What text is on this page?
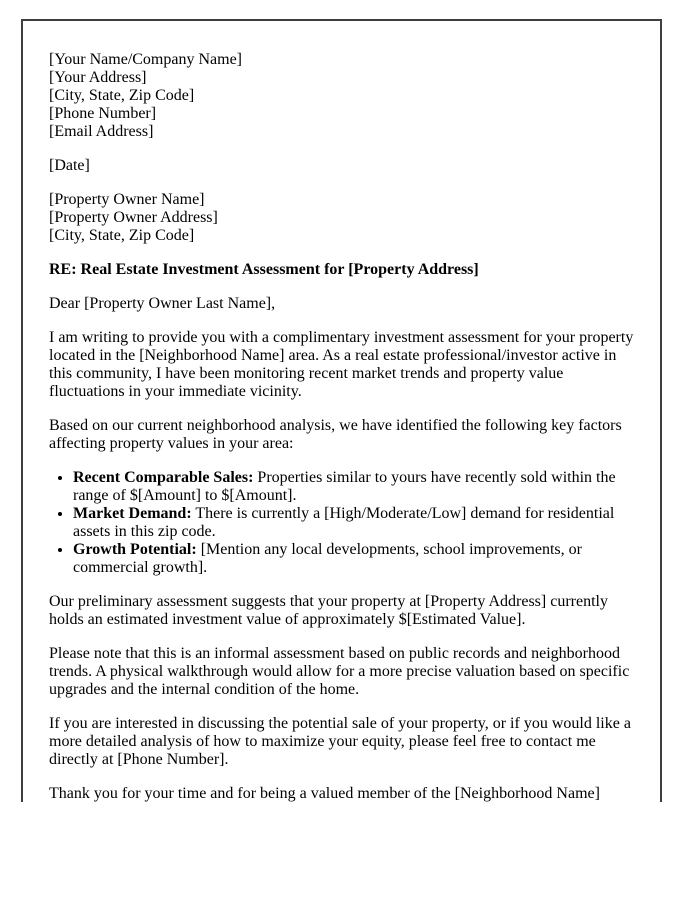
[Your Name/Company Name]
[Your Address]
[City, State, Zip Code]
[Phone Number]
[Email Address]

[Date]

[Property Owner Name]
[Property Owner Address]
[City, State, Zip Code]

RE: Real Estate Investment Assessment for [Property Address]

Dear [Property Owner Last Name],

I am writing to provide you with a complimentary investment assessment for your property located in the [Neighborhood Name] area. As a real estate professional/investor active in this community, I have been monitoring recent market trends and property value fluctuations in your immediate vicinity.

Based on our current neighborhood analysis, we have identified the following key factors affecting property values in your area:

• Recent Comparable Sales: Properties similar to yours have recently sold within the range of $[Amount] to $[Amount].
• Market Demand: There is currently a [High/Moderate/Low] demand for residential assets in this zip code.
• Growth Potential: [Mention any local developments, school improvements, or commercial growth].

Our preliminary assessment suggests that your property at [Property Address] currently holds an estimated investment value of approximately $[Estimated Value].

Please note that this is an informal assessment based on public records and neighborhood trends. A physical walkthrough would allow for a more precise valuation based on specific upgrades and the internal condition of the home.

If you are interested in discussing the potential sale of your property, or if you would like a more detailed analysis of how to maximize your equity, please feel free to contact me directly at [Phone Number].

Thank you for your time and for being a valued member of the [Neighborhood Name]
